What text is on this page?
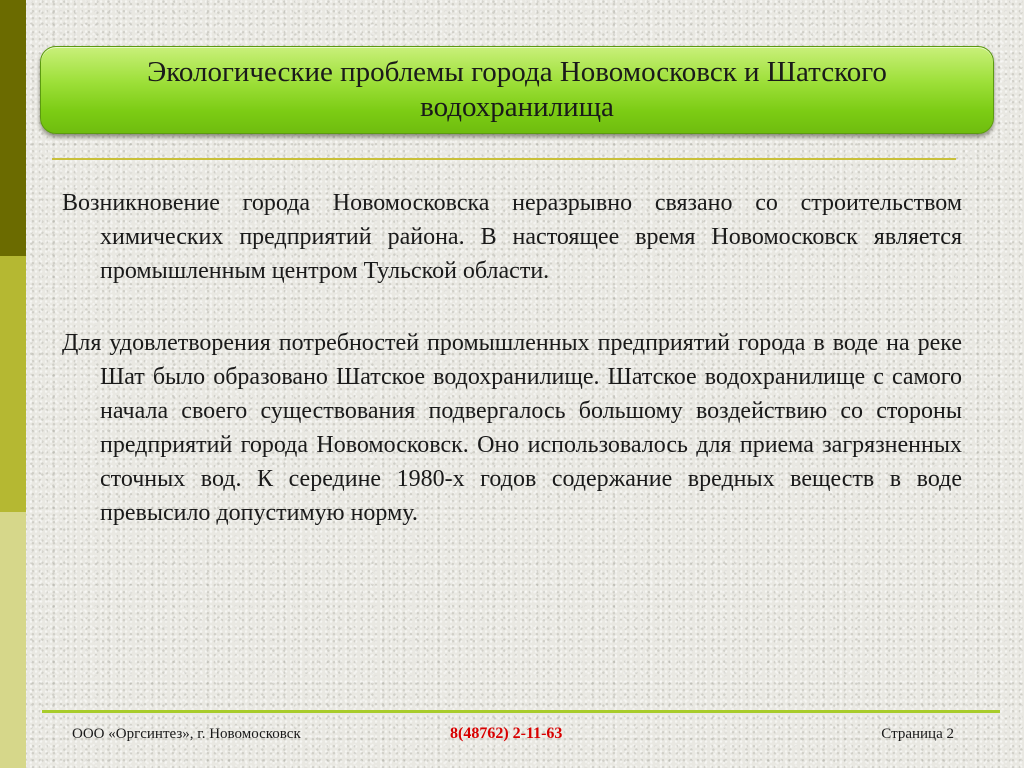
Экологические проблемы города Новомосковск и Шатского водохранилища

Возникновение города Новомосковска неразрывно связано со строительством химических предприятий района. В настоящее время Новомосковск является промышленным центром Тульской области.

Для удовлетворения потребностей промышленных предприятий города в воде на реке Шат было образовано Шатское водохранилище. Шатское водохранилище с самого начала своего существования подвергалось большому воздействию со стороны предприятий города Новомосковск. Оно использовалось для приема загрязненных сточных вод. К середине 1980-х годов содержание вредных веществ в воде превысило допустимую норму.

ООО «Оргсинтез», г. Новомосковск	8(48762) 2-11-63	Страница 2
